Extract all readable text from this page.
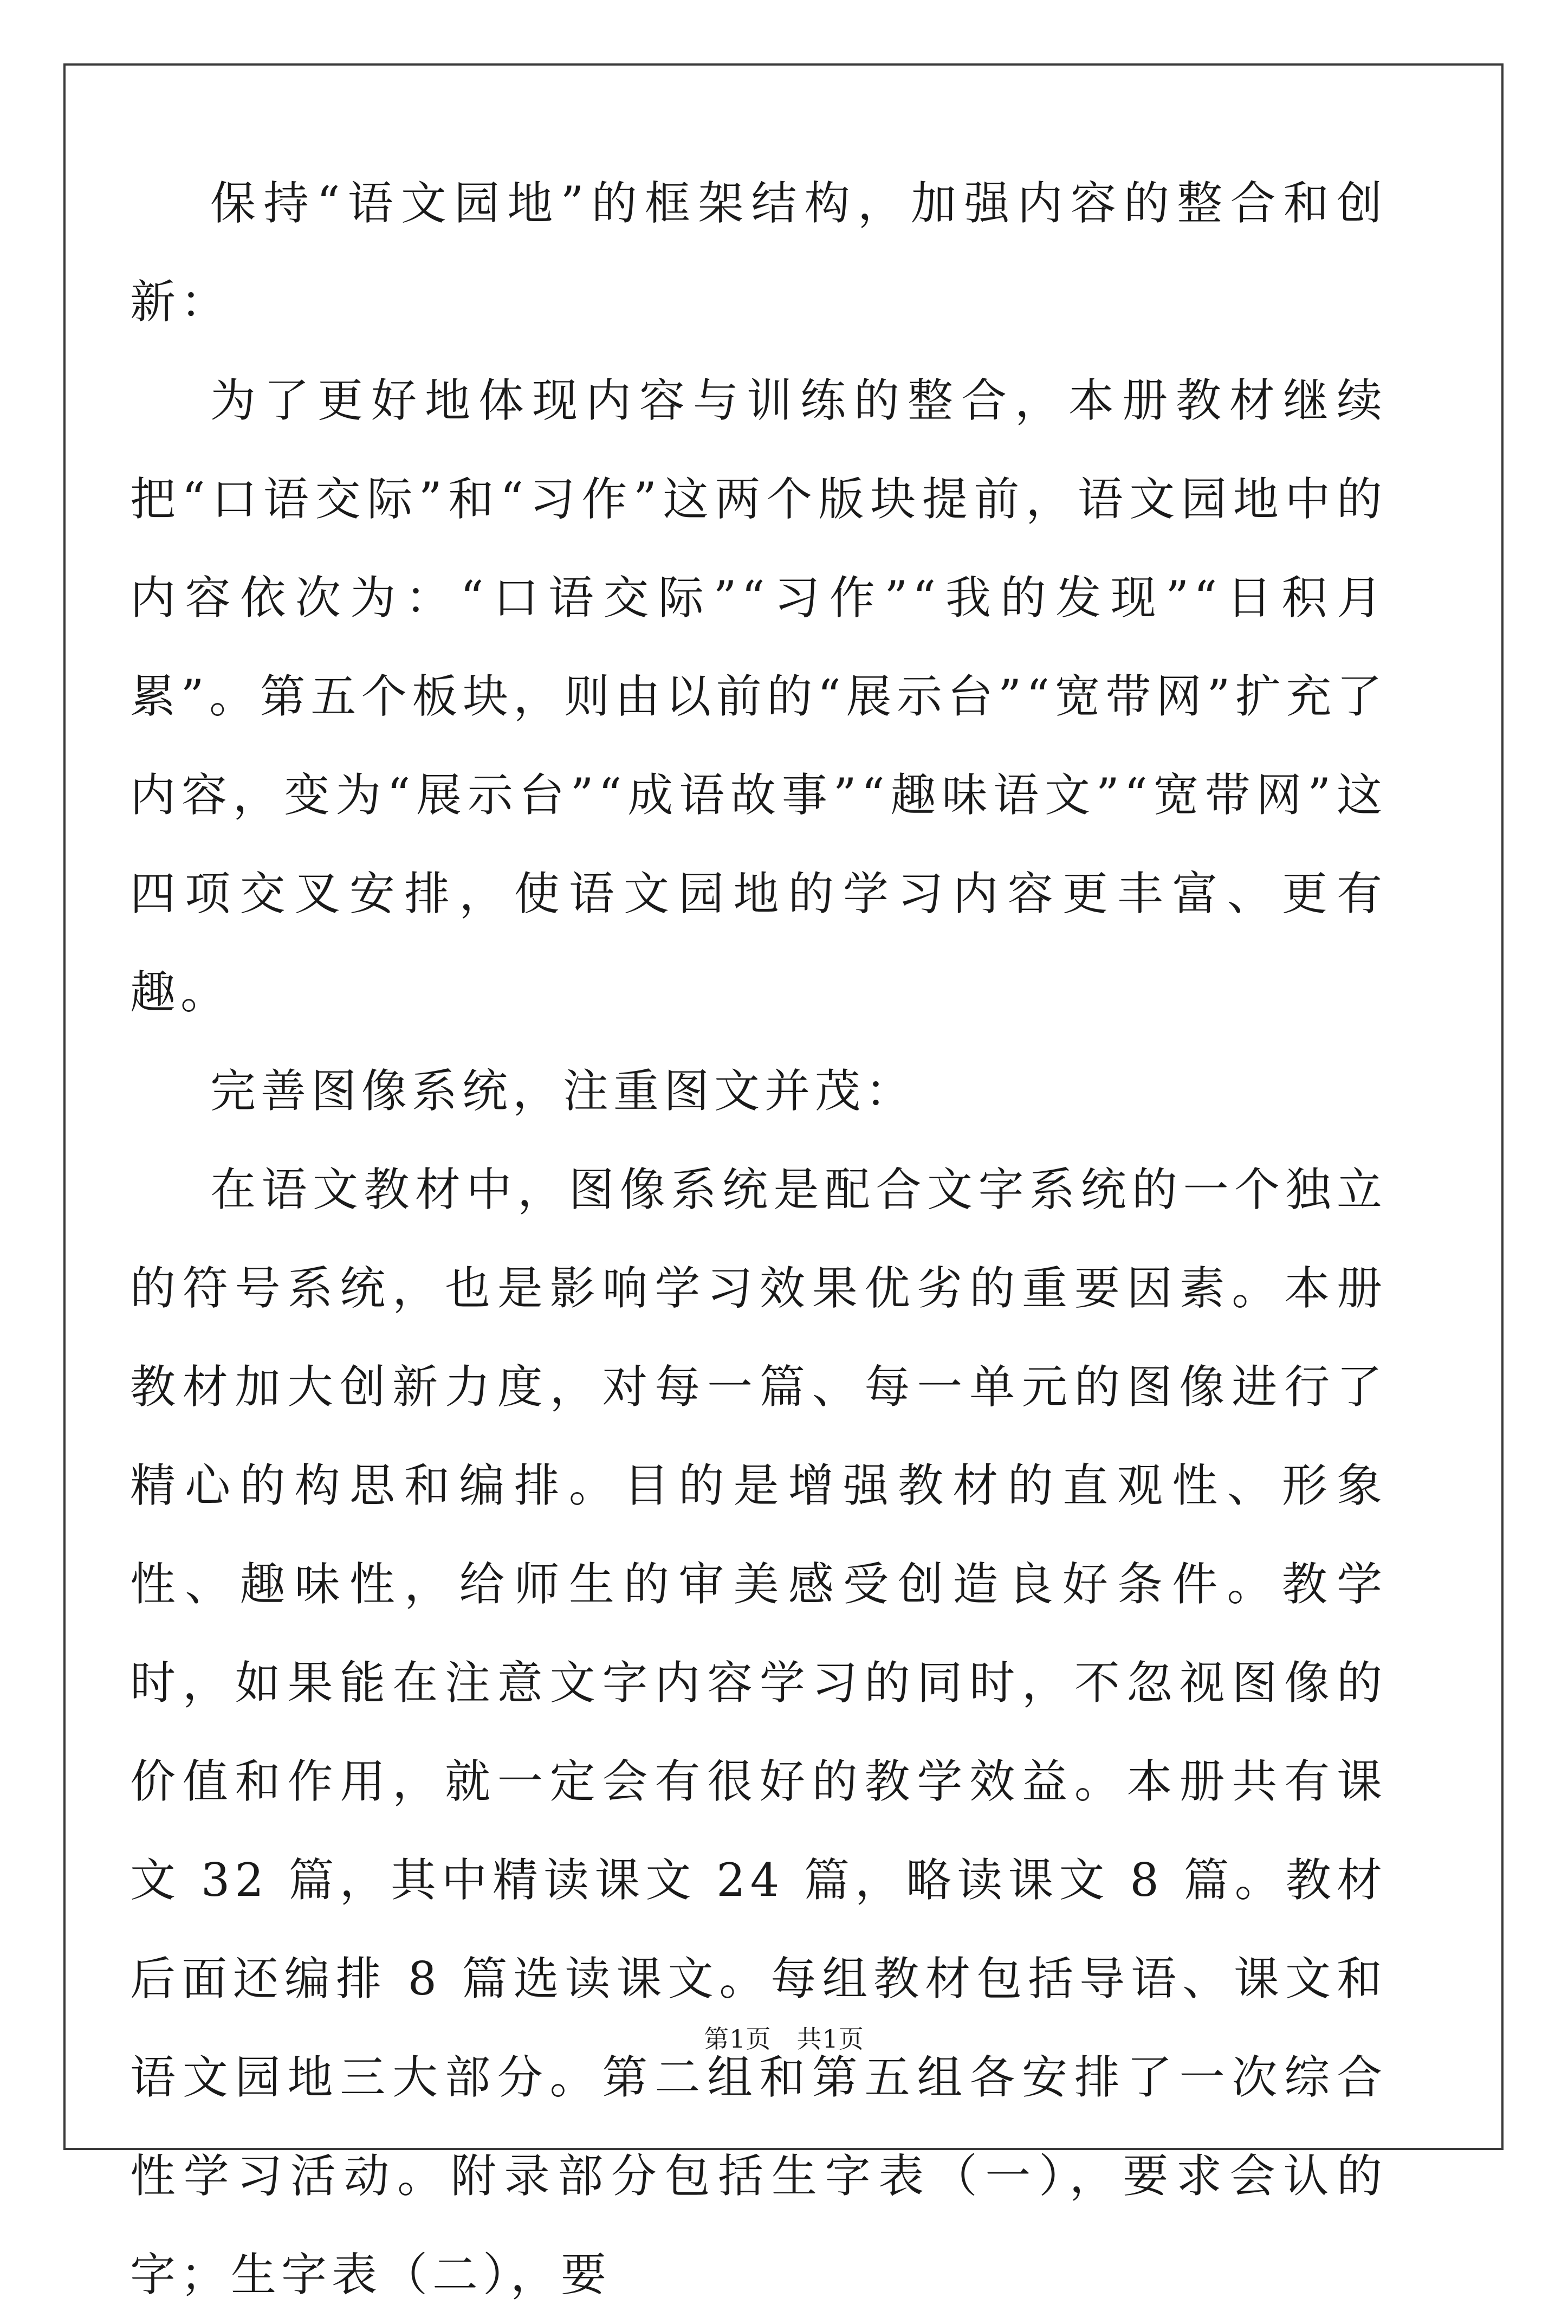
保持“语文园地”的框架结构，加强内容的整合和创新：

为了更好地体现内容与训练的整合，本册教材继续把“口语交际”和“习作”这两个版块提前，语文园地中的内容依次为：“口语交际”“习作”“我的发现”“日积月累”。第五个板块，则由以前的“展示台”“宽带网”扩充了内容，变为“展示台”“成语故事”“趣味语文”“宽带网”这四项交叉安排，使语文园地的学习内容更丰富、更有趣。

完善图像系统，注重图文并茂：

在语文教材中，图像系统是配合文字系统的一个独立的符号系统，也是影响学习效果优劣的重要因素。本册教材加大创新力度，对每一篇、每一单元的图像进行了精心的构思和编排。目的是增强教材的直观性、形象性、趣味性，给师生的审美感受创造良好条件。教学时，如果能在注意文字内容学习的同时，不忽视图像的价值和作用，就一定会有很好的教学效益。本册共有课文 32 篇，其中精读课文 24 篇，略读课文 8 篇。教材后面还编排 8 篇选读课文。每组教材包括导语、课文和语文园地三大部分。第二组和第五组各安排了一次综合性学习活动。附录部分包括生字表（一），要求会认的字；生字表（二），要

第1页　共1页
